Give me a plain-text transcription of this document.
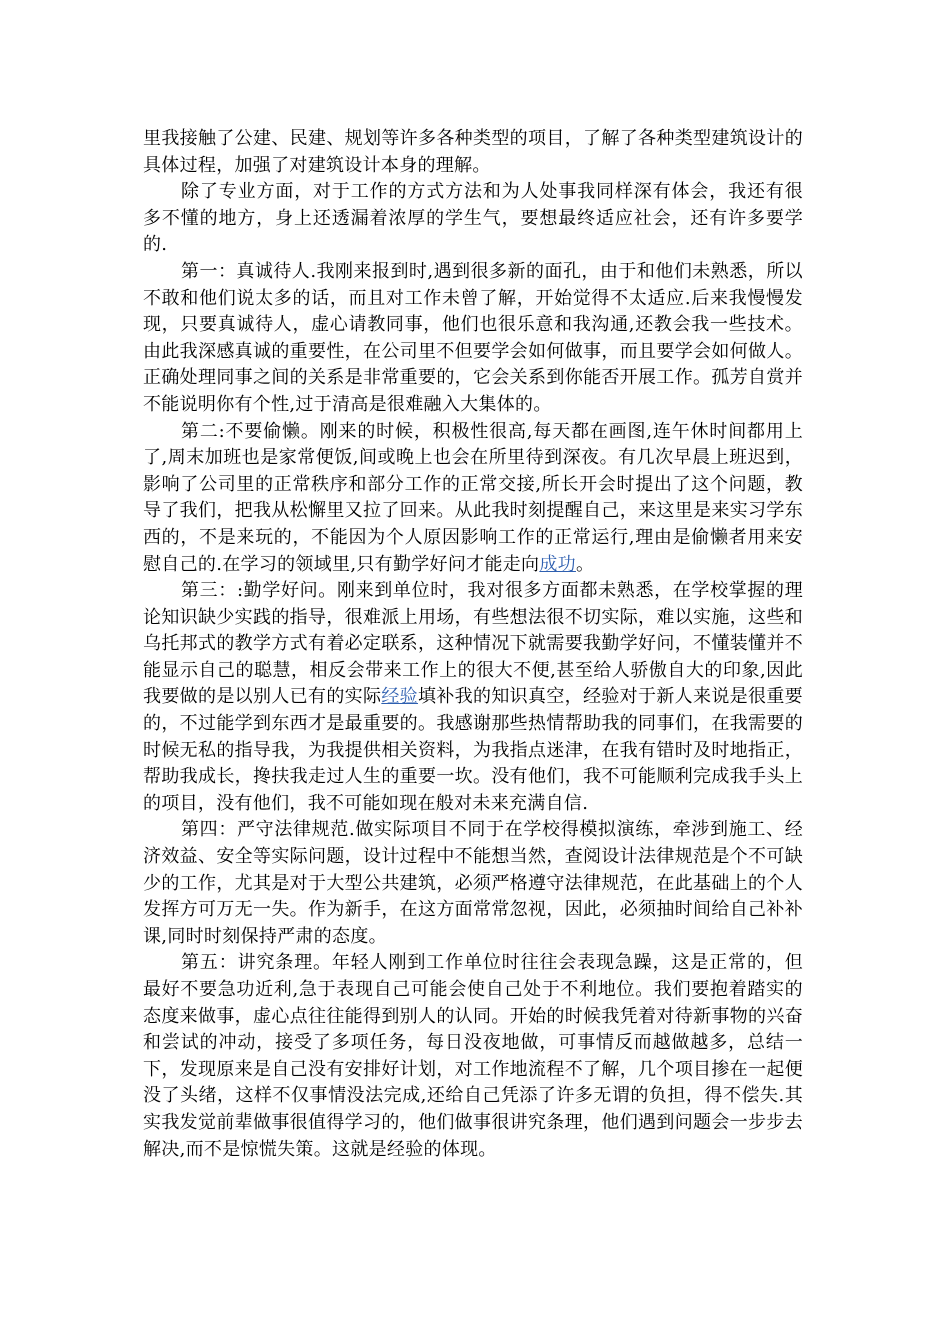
里我接触了公建、民建、规划等许多各种类型的项目，了解了各种类型建筑设计的具体过程，加强了对建筑设计本身的理解。

除了专业方面，对于工作的方式方法和为人处事我同样深有体会，我还有很多不懂的地方，身上还透漏着浓厚的学生气，要想最终适应社会，还有许多要学的.

第一：真诚待人.我刚来报到时,遇到很多新的面孔，由于和他们未熟悉，所以不敢和他们说太多的话，而且对工作未曾了解，开始觉得不太适应.后来我慢慢发现，只要真诚待人，虚心请教同事，他们也很乐意和我沟通,还教会我一些技术。由此我深感真诚的重要性，在公司里不但要学会如何做事，而且要学会如何做人。正确处理同事之间的关系是非常重要的，它会关系到你能否开展工作。孤芳自赏并不能说明你有个性,过于清高是很难融入大集体的。

第二:不要偷懒。刚来的时候，积极性很高,每天都在画图,连午休时间都用上了,周末加班也是家常便饭,间或晚上也会在所里待到深夜。有几次早晨上班迟到，影响了公司里的正常秩序和部分工作的正常交接,所长开会时提出了这个问题，教导了我们，把我从松懈里又拉了回来。从此我时刻提醒自己，来这里是来实习学东西的，不是来玩的，不能因为个人原因影响工作的正常运行,理由是偷懒者用来安慰自己的.在学习的领域里,只有勤学好问才能走向成功。

第三：:勤学好问。刚来到单位时，我对很多方面都未熟悉，在学校掌握的理论知识缺少实践的指导，很难派上用场，有些想法很不切实际，难以实施，这些和乌托邦式的教学方式有着必定联系，这种情况下就需要我勤学好问，不懂装懂并不能显示自己的聪慧，相反会带来工作上的很大不便,甚至给人骄傲自大的印象,因此我要做的是以别人已有的实际经验填补我的知识真空，经验对于新人来说是很重要的，不过能学到东西才是最重要的。我感谢那些热情帮助我的同事们，在我需要的时候无私的指导我，为我提供相关资料，为我指点迷津，在我有错时及时地指正，帮助我成长，搀扶我走过人生的重要一坎。没有他们，我不可能顺利完成我手头上的项目，没有他们，我不可能如现在般对未来充满自信.

第四：严守法律规范.做实际项目不同于在学校得模拟演练，牵涉到施工、经济效益、安全等实际问题，设计过程中不能想当然，查阅设计法律规范是个不可缺少的工作，尤其是对于大型公共建筑，必须严格遵守法律规范，在此基础上的个人发挥方可万无一失。作为新手，在这方面常常忽视，因此，必须抽时间给自己补补课,同时时刻保持严肃的态度。

第五：讲究条理。年轻人刚到工作单位时往往会表现急躁，这是正常的，但最好不要急功近利,急于表现自己可能会使自己处于不利地位。我们要抱着踏实的态度来做事，虚心点往往能得到别人的认同。开始的时候我凭着对待新事物的兴奋和尝试的冲动，接受了多项任务，每日没夜地做，可事情反而越做越多，总结一下，发现原来是自己没有安排好计划，对工作地流程不了解，几个项目掺在一起便没了头绪，这样不仅事情没法完成,还给自己凭添了许多无谓的负担，得不偿失.其实我发觉前辈做事很值得学习的，他们做事很讲究条理，他们遇到问题会一步步去解决,而不是惊慌失策。这就是经验的体现。
